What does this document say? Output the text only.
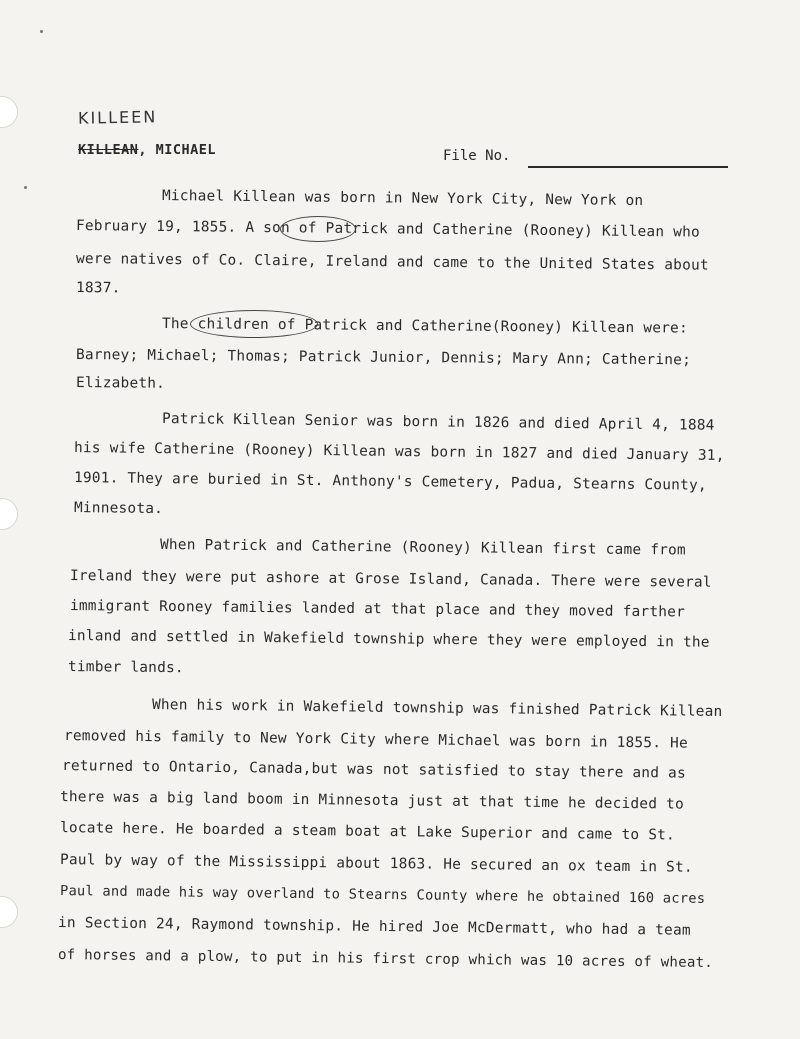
KILLEEN
KILLEAN, MICHAEL	File No.
Michael Killean was born in New York City, New York on
February 19, 1855. A son of Patrick and Catherine (Rooney) Killean who
were natives of Co. Claire, Ireland and came to the United States about
1837.
The children of Patrick and Catherine(Rooney) Killean were:
Barney; Michael; Thomas; Patrick Junior, Dennis; Mary Ann; Catherine;
Elizabeth.
Patrick Killean Senior was born in 1826 and died April 4, 1884
his wife Catherine (Rooney) Killean was born in 1827 and died January 31,
1901. They are buried in St. Anthony's Cemetery, Padua, Stearns County,
Minnesota.
When Patrick and Catherine (Rooney) Killean first came from
Ireland they were put ashore at Grose Island, Canada. There were several
immigrant Rooney families landed at that place and they moved farther
inland and settled in Wakefield township where they were employed in the
timber lands.
When his work in Wakefield township was finished Patrick Killean
removed his family to New York City where Michael was born in 1855. He
returned to Ontario, Canada,but was not satisfied to stay there and as
there was a big land boom in Minnesota just at that time he decided to
locate here. He boarded a steam boat at Lake Superior and came to St.
Paul by way of the Mississippi about 1863. He secured an ox team in St.
Paul and made his way overland to Stearns County where he obtained 160 acres
in Section 24, Raymond township. He hired Joe McDermatt, who had a team
of horses and a plow, to put in his first crop which was 10 acres of wheat.
